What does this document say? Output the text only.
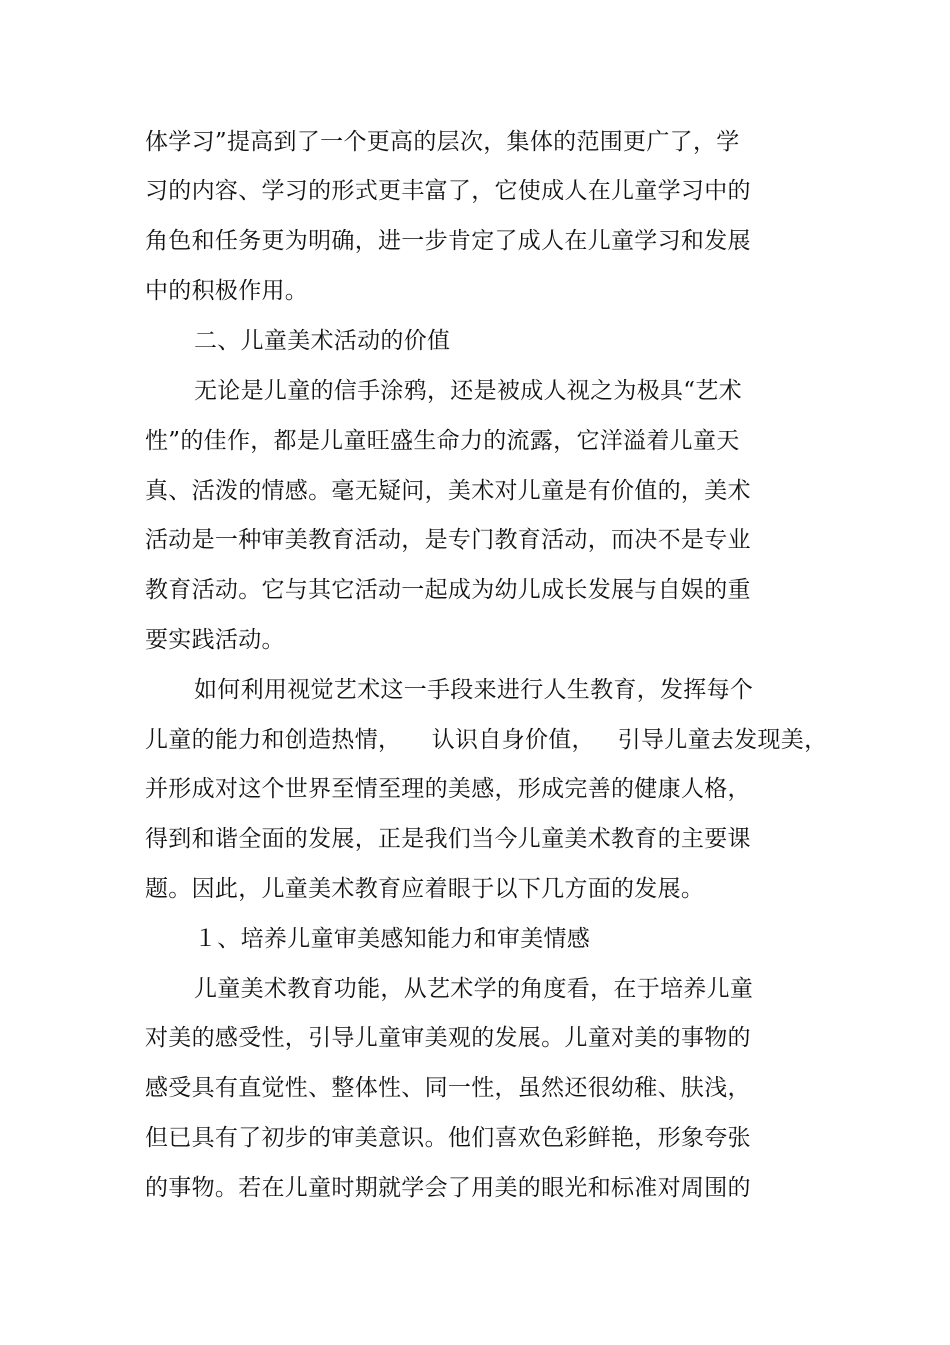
体学习”提高到了一个更高的层次，集体的范围更广了，学
习的内容、学习的形式更丰富了，它使成人在儿童学习中的
角色和任务更为明确，进一步肯定了成人在儿童学习和发展
中的积极作用。
二、儿童美术活动的价值
无论是儿童的信手涂鸦，还是被成人视之为极具“艺术
性”的佳作，都是儿童旺盛生命力的流露，它洋溢着儿童天
真、活泼的情感。毫无疑问，美术对儿童是有价值的，美术
活动是一种审美教育活动，是专门教育活动，而决不是专业
教育活动。它与其它活动一起成为幼儿成长发展与自娱的重
要实践活动。
如何利用视觉艺术这一手段来进行人生教育，发挥每个
儿童的能力和创造热情，    认识自身价值，   引导儿童去发现美，
并形成对这个世界至情至理的美感，形成完善的健康人格，
得到和谐全面的发展，正是我们当今儿童美术教育的主要课
题。因此，儿童美术教育应着眼于以下几方面的发展。
１、培养儿童审美感知能力和审美情感
儿童美术教育功能，从艺术学的角度看，在于培养儿童
对美的感受性，引导儿童审美观的发展。儿童对美的事物的
感受具有直觉性、整体性、同一性，虽然还很幼稚、肤浅，
但已具有了初步的审美意识。他们喜欢色彩鲜艳，形象夸张
的事物。若在儿童时期就学会了用美的眼光和标准对周围的
